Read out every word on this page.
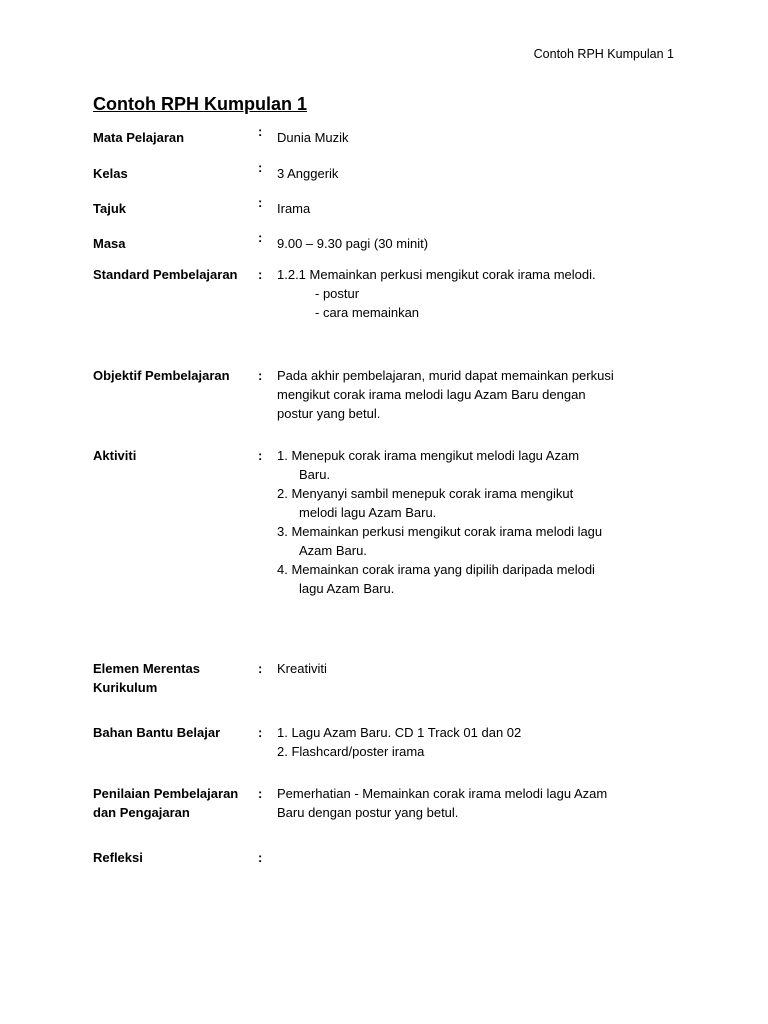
Contoh RPH Kumpulan 1
Contoh RPH Kumpulan 1
Mata Pelajaran	: Dunia Muzik
Kelas	: 3 Anggerik
Tajuk	: Irama
Masa	: 9.00 – 9.30 pagi (30 minit)
Standard Pembelajaran	: 1.2.1 Memainkan perkusi mengikut corak irama melodi.
- postur
- cara memainkan
Objektif Pembelajaran	: Pada akhir pembelajaran, murid dapat memainkan perkusi
mengikut corak irama melodi lagu Azam Baru dengan
postur yang betul.
Aktiviti	: 1. Menepuk corak irama mengikut melodi lagu Azam
Baru.
2. Menyanyi sambil menepuk corak irama mengikut
melodi lagu Azam Baru.
3. Memainkan perkusi mengikut corak irama melodi lagu
Azam Baru.
4. Memainkan corak irama yang dipilih daripada melodi
lagu Azam Baru.
Elemen Merentas
Kurikulum
: Kreativiti
Bahan Bantu Belajar	: 1. Lagu Azam Baru. CD 1 Track 01 dan 02
2. Flashcard/poster irama
Penilaian Pembelajaran
dan Pengajaran
: Pemerhatian - Memainkan corak irama melodi lagu Azam
Baru dengan postur yang betul.
Refleksi	:
